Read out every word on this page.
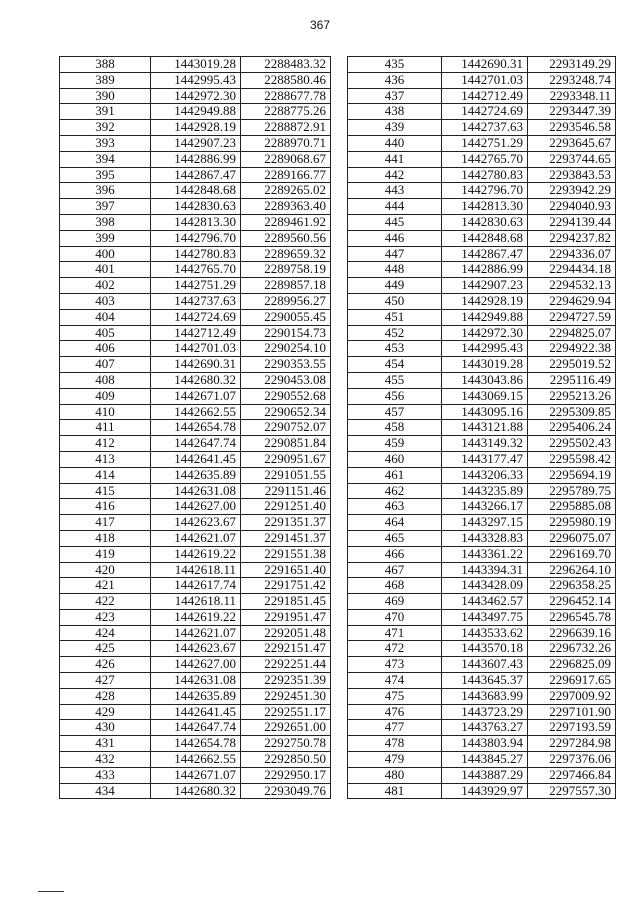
367
388	1443019.28	2288483.32
389	1442995.43	2288580.46
390	1442972.30	2288677.78
391	1442949.88	2288775.26
392	1442928.19	2288872.91
393	1442907.23	2288970.71
394	1442886.99	2289068.67
395	1442867.47	2289166.77
396	1442848.68	2289265.02
397	1442830.63	2289363.40
398	1442813.30	2289461.92
399	1442796.70	2289560.56
400	1442780.83	2289659.32
401	1442765.70	2289758.19
402	1442751.29	2289857.18
403	1442737.63	2289956.27
404	1442724.69	2290055.45
405	1442712.49	2290154.73
406	1442701.03	2290254.10
407	1442690.31	2290353.55
408	1442680.32	2290453.08
409	1442671.07	2290552.68
410	1442662.55	2290652.34
411	1442654.78	2290752.07
412	1442647.74	2290851.84
413	1442641.45	2290951.67
414	1442635.89	2291051.55
415	1442631.08	2291151.46
416	1442627.00	2291251.40
417	1442623.67	2291351.37
418	1442621.07	2291451.37
419	1442619.22	2291551.38
420	1442618.11	2291651.40
421	1442617.74	2291751.42
422	1442618.11	2291851.45
423	1442619.22	2291951.47
424	1442621.07	2292051.48
425	1442623.67	2292151.47
426	1442627.00	2292251.44
427	1442631.08	2292351.39
428	1442635.89	2292451.30
429	1442641.45	2292551.17
430	1442647.74	2292651.00
431	1442654.78	2292750.78
432	1442662.55	2292850.50
433	1442671.07	2292950.17
434	1442680.32	2293049.76
435	1442690.31	2293149.29
436	1442701.03	2293248.74
437	1442712.49	2293348.11
438	1442724.69	2293447.39
439	1442737.63	2293546.58
440	1442751.29	2293645.67
441	1442765.70	2293744.65
442	1442780.83	2293843.53
443	1442796.70	2293942.29
444	1442813.30	2294040.93
445	1442830.63	2294139.44
446	1442848.68	2294237.82
447	1442867.47	2294336.07
448	1442886.99	2294434.18
449	1442907.23	2294532.13
450	1442928.19	2294629.94
451	1442949.88	2294727.59
452	1442972.30	2294825.07
453	1442995.43	2294922.38
454	1443019.28	2295019.52
455	1443043.86	2295116.49
456	1443069.15	2295213.26
457	1443095.16	2295309.85
458	1443121.88	2295406.24
459	1443149.32	2295502.43
460	1443177.47	2295598.42
461	1443206.33	2295694.19
462	1443235.89	2295789.75
463	1443266.17	2295885.08
464	1443297.15	2295980.19
465	1443328.83	2296075.07
466	1443361.22	2296169.70
467	1443394.31	2296264.10
468	1443428.09	2296358.25
469	1443462.57	2296452.14
470	1443497.75	2296545.78
471	1443533.62	2296639.16
472	1443570.18	2296732.26
473	1443607.43	2296825.09
474	1443645.37	2296917.65
475	1443683.99	2297009.92
476	1443723.29	2297101.90
477	1443763.27	2297193.59
478	1443803.94	2297284.98
479	1443845.27	2297376.06
480	1443887.29	2297466.84
481	1443929.97	2297557.30
